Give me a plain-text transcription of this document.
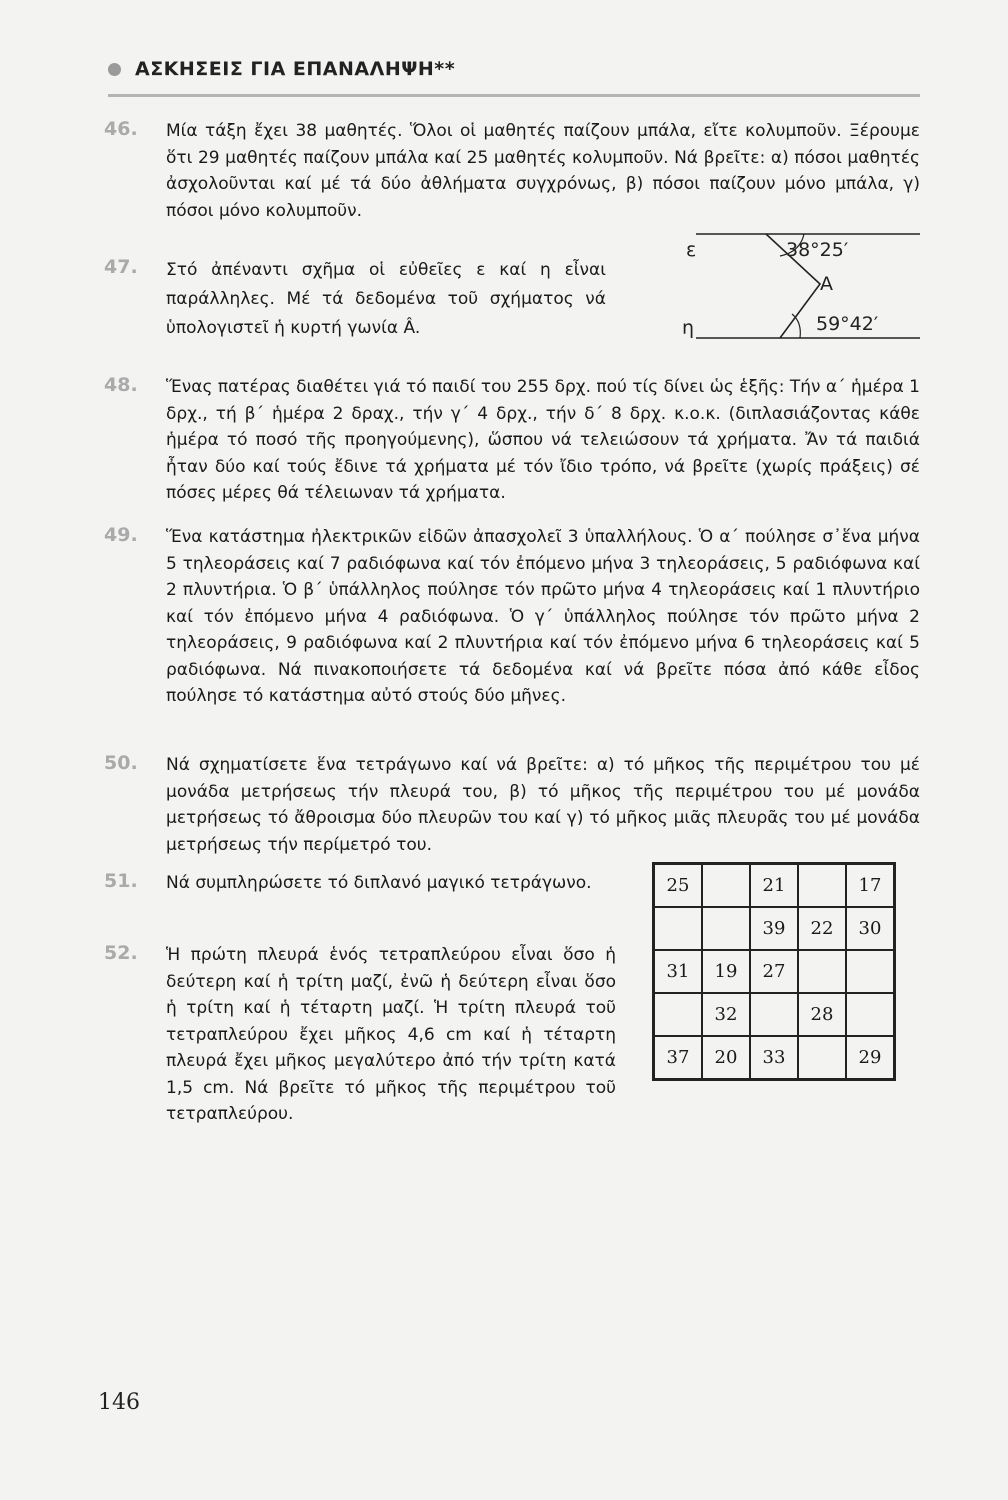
ΑΣΚΗΣΕΙΣ ΓΙΑ ΕΠΑΝΑΛΗΨΗ**
46. Μία τάξη ἔχει 38 μαθητές. Ὅλοι οἱ μαθητές παίζουν μπάλα, εἴτε κολυμποῦν. Ξέρουμε ὅτι 29 μαθητές παίζουν μπάλα καί 25 μαθητές κολυμποῦν. Νά βρεῖτε: α) πόσοι μαθητές ἀσχολοῦνται καί μέ τά δύο ἀθλήματα συγχρόνως, β) πόσοι παίζουν μόνο μπάλα, γ) πόσοι μόνο κολυμποῦν.
47. Στό ἀπέναντι σχῆμα οἱ εὐθεῖες ε καί η εἶναι παράλληλες. Μέ τά δεδομένα τοῦ σχήματος νά ὑπολογιστεῖ ἡ κυρτή γωνία Â.
ε
η
38°25′
A
59°42′
48. Ἕνας πατέρας διαθέτει γιά τό παιδί του 255 δρχ. πού τίς δίνει ὡς ἑξῆς: Τήν α΄ ἡμέρα 1 δρχ., τή β΄ ἡμέρα 2 δραχ., τήν γ΄ 4 δρχ., τήν δ΄ 8 δρχ. κ.ο.κ. (διπλασιάζοντας κάθε ἡμέρα τό ποσό τῆς προηγούμενης), ὥσπου νά τελειώσουν τά χρήματα. Ἄν τά παιδιά ἦταν δύο καί τούς ἔδινε τά χρήματα μέ τόν ἴδιο τρόπο, νά βρεῖτε (χωρίς πράξεις) σέ πόσες μέρες θά τέλειωναν τά χρήματα.
49. Ἕνα κατάστημα ἠλεκτρικῶν εἰδῶν ἀπασχολεῖ 3 ὑπαλλήλους. Ὁ α΄ πούλησε σ᾽ἕνα μήνα 5 τηλεοράσεις καί 7 ραδιόφωνα καί τόν ἐπόμενο μήνα 3 τηλεοράσεις, 5 ραδιόφωνα καί 2 πλυντήρια. Ὁ β΄ ὑπάλληλος πούλησε τόν πρῶτο μήνα 4 τηλεοράσεις καί 1 πλυντήριο καί τόν ἐπόμενο μήνα 4 ραδιόφωνα. Ὁ γ΄ ὑπάλληλος πούλησε τόν πρῶτο μήνα 2 τηλεοράσεις, 9 ραδιόφωνα καί 2 πλυντήρια καί τόν ἐπόμενο μήνα 6 τηλεοράσεις καί 5 ραδιόφωνα. Νά πινακοποιήσετε τά δεδομένα καί νά βρεῖτε πόσα ἀπό κάθε εἶδος πούλησε τό κατάστημα αὐτό στούς δύο μῆνες.
50. Νά σχηματίσετε ἕνα τετράγωνο καί νά βρεῖτε: α) τό μῆκος τῆς περιμέτρου του μέ μονάδα μετρήσεως τήν πλευρά του, β) τό μῆκος τῆς περιμέτρου του μέ μονάδα μετρήσεως τό ἄθροισμα δύο πλευρῶν του καί γ) τό μῆκος μιᾶς πλευρᾶς του μέ μονάδα μετρήσεως τήν περίμετρό του.
51. Νά συμπληρώσετε τό διπλανό μαγικό τετράγωνο.
52. Ἡ πρώτη πλευρά ἑνός τετραπλεύρου εἶναι ὅσο ἡ δεύτερη καί ἡ τρίτη μαζί, ἐνῶ ἡ δεύτερη εἶναι ὅσο ἡ τρίτη καί ἡ τέταρτη μαζί. Ἡ τρίτη πλευρά τοῦ τετραπλεύρου ἔχει μῆκος 4,6 cm καί ἡ τέταρτη πλευρά ἔχει μῆκος μεγαλύτερο ἀπό τήν τρίτη κατά 1,5 cm. Νά βρεῖτε τό μῆκος τῆς περιμέτρου τοῦ τετραπλεύρου.
25		21		17
		39	22	30
31	19	27		
	32		28	
37	20	33		29
146
